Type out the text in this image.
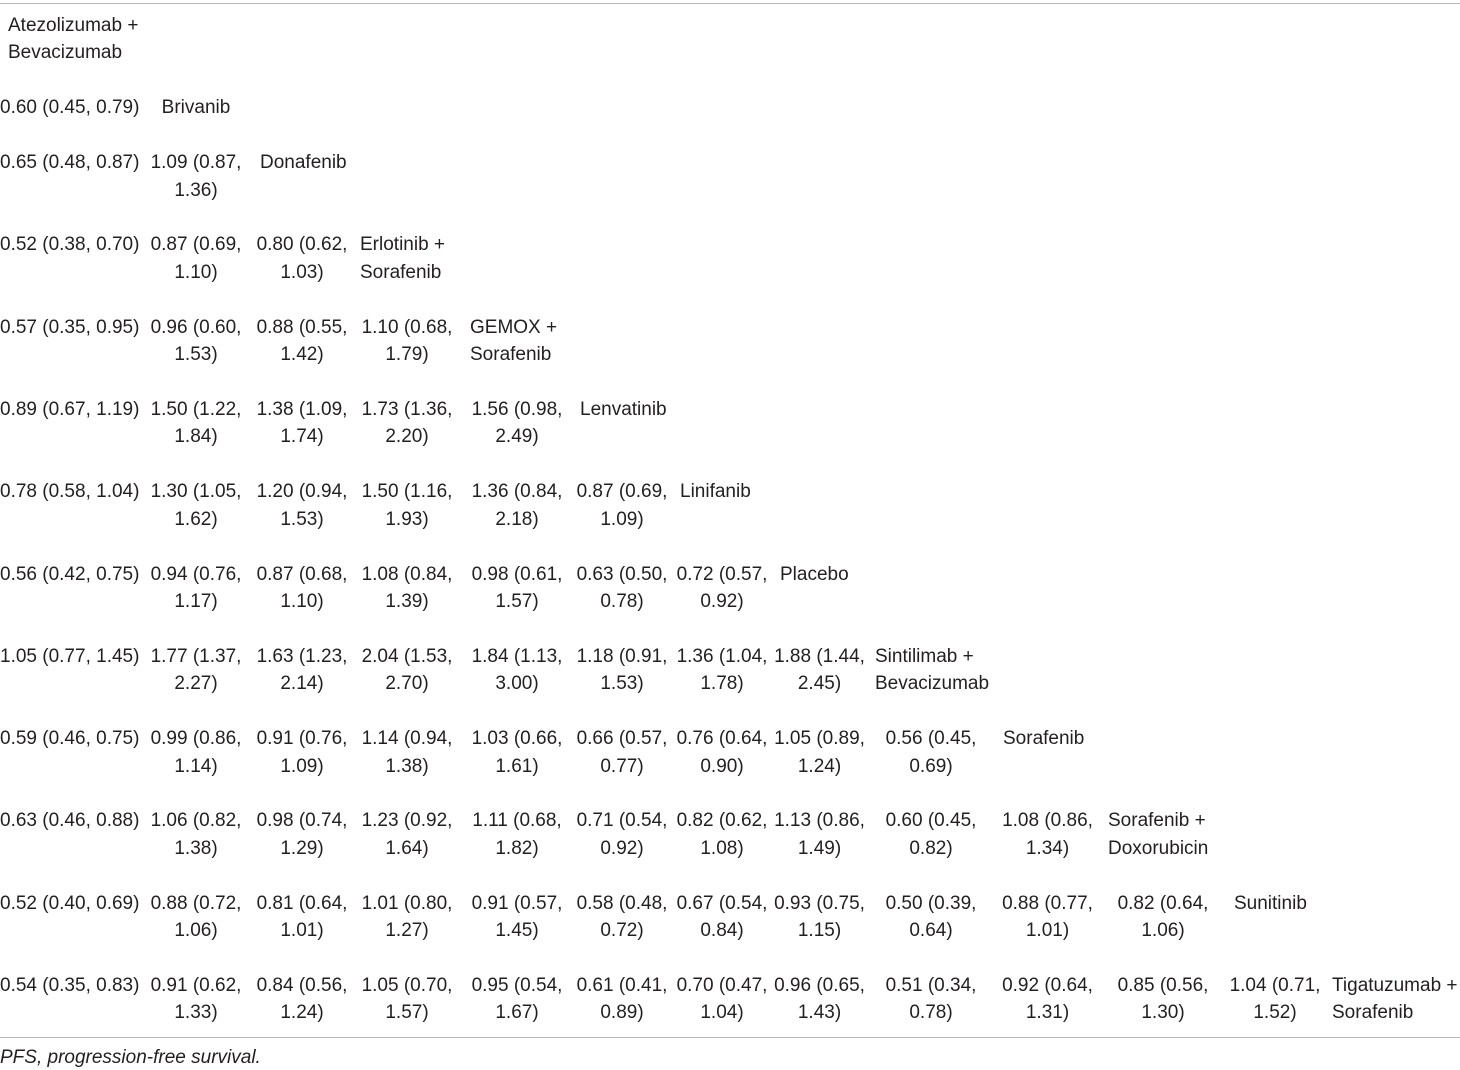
Atezolizumab + Bevacizumab												
0.60 (0.45, 0.79)	Brivanib											
0.65 (0.48, 0.87)	1.09 (0.87, 1.36)	Donafenib										
0.52 (0.38, 0.70)	0.87 (0.69, 1.10)	0.80 (0.62, 1.03)	Erlotinib + Sorafenib									
0.57 (0.35, 0.95)	0.96 (0.60, 1.53)	0.88 (0.55, 1.42)	1.10 (0.68, 1.79)	GEMOX + Sorafenib								
0.89 (0.67, 1.19)	1.50 (1.22, 1.84)	1.38 (1.09, 1.74)	1.73 (1.36, 2.20)	1.56 (0.98, 2.49)	Lenvatinib							
0.78 (0.58, 1.04)	1.30 (1.05, 1.62)	1.20 (0.94, 1.53)	1.50 (1.16, 1.93)	1.36 (0.84, 2.18)	0.87 (0.69, 1.09)	Linifanib						
0.56 (0.42, 0.75)	0.94 (0.76, 1.17)	0.87 (0.68, 1.10)	1.08 (0.84, 1.39)	0.98 (0.61, 1.57)	0.63 (0.50, 0.78)	0.72 (0.57, 0.92)	Placebo					
1.05 (0.77, 1.45)	1.77 (1.37, 2.27)	1.63 (1.23, 2.14)	2.04 (1.53, 2.70)	1.84 (1.13, 3.00)	1.18 (0.91, 1.53)	1.36 (1.04, 1.78)	1.88 (1.44, 2.45)	Sintilimab + Bevacizumab				
0.59 (0.46, 0.75)	0.99 (0.86, 1.14)	0.91 (0.76, 1.09)	1.14 (0.94, 1.38)	1.03 (0.66, 1.61)	0.66 (0.57, 0.77)	0.76 (0.64, 0.90)	1.05 (0.89, 1.24)	0.56 (0.45, 0.69)	Sorafenib			
0.63 (0.46, 0.88)	1.06 (0.82, 1.38)	0.98 (0.74, 1.29)	1.23 (0.92, 1.64)	1.11 (0.68, 1.82)	0.71 (0.54, 0.92)	0.82 (0.62, 1.08)	1.13 (0.86, 1.49)	0.60 (0.45, 0.82)	1.08 (0.86, 1.34)	Sorafenib + Doxorubicin		
0.52 (0.40, 0.69)	0.88 (0.72, 1.06)	0.81 (0.64, 1.01)	1.01 (0.80, 1.27)	0.91 (0.57, 1.45)	0.58 (0.48, 0.72)	0.67 (0.54, 0.84)	0.93 (0.75, 1.15)	0.50 (0.39, 0.64)	0.88 (0.77, 1.01)	0.82 (0.64, 1.06)	Sunitinib	
0.54 (0.35, 0.83)	0.91 (0.62, 1.33)	0.84 (0.56, 1.24)	1.05 (0.70, 1.57)	0.95 (0.54, 1.67)	0.61 (0.41, 0.89)	0.70 (0.47, 1.04)	0.96 (0.65, 1.43)	0.51 (0.34, 0.78)	0.92 (0.64, 1.31)	0.85 (0.56, 1.30)	1.04 (0.71, 1.52)	Tigatuzumab + Sorafenib
PFS, progression-free survival.
